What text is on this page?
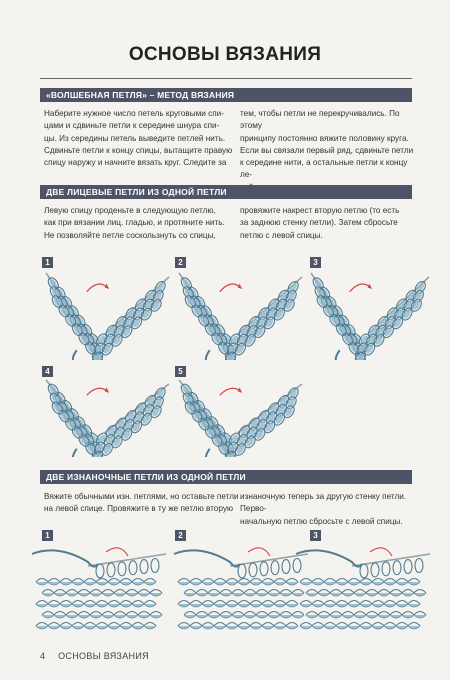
ОСНОВЫ ВЯЗАНИЯ
«ВОЛШЕБНАЯ ПЕТЛЯ» – МЕТОД ВЯЗАНИЯ
Наберите нужное число петель круговыми спи-
цами и сдвиньте петли к середине шнура спи-
цы. Из середины петель выведите петлей нить.
Сдвиньте петли к концу спицы, вытащите правую
спицу наружу и начните вязать круг. Следите за
тем, чтобы петли не перекручивались. По этому
принципу постоянно вяжите половину круга.
Если вы связали первый ряд, сдвиньте петли
к середине нити, а остальные петли к концу ле-

ДВЕ ЛИЦЕВЫЕ ПЕТЛИ ИЗ ОДНОЙ ПЕТЛИ
Левую спицу проденьте в следующую петлю,
как при вязании лиц. гладью, и протяните нить.
Не позволяйте петле соскользнуть со спицы,
провяжите накрест вторую петлю (то есть
за заднюю стенку петли). Затем сбросьте
петлю с левой спицы.
1	2	3
4	5
ДВЕ ИЗНАНОЧНЫЕ ПЕТЛИ ИЗ ОДНОЙ ПЕТЛИ
Вяжите обычными изн. петлями, но оставьте петли
на левой спице. Провяжите в ту же петлю вторую
изнаночную теперь за другую стенку петли. Перво-
начальную петлю сбросьте с левой спицы.
1	2	3
4 ОСНОВЫ ВЯЗАНИЯ
